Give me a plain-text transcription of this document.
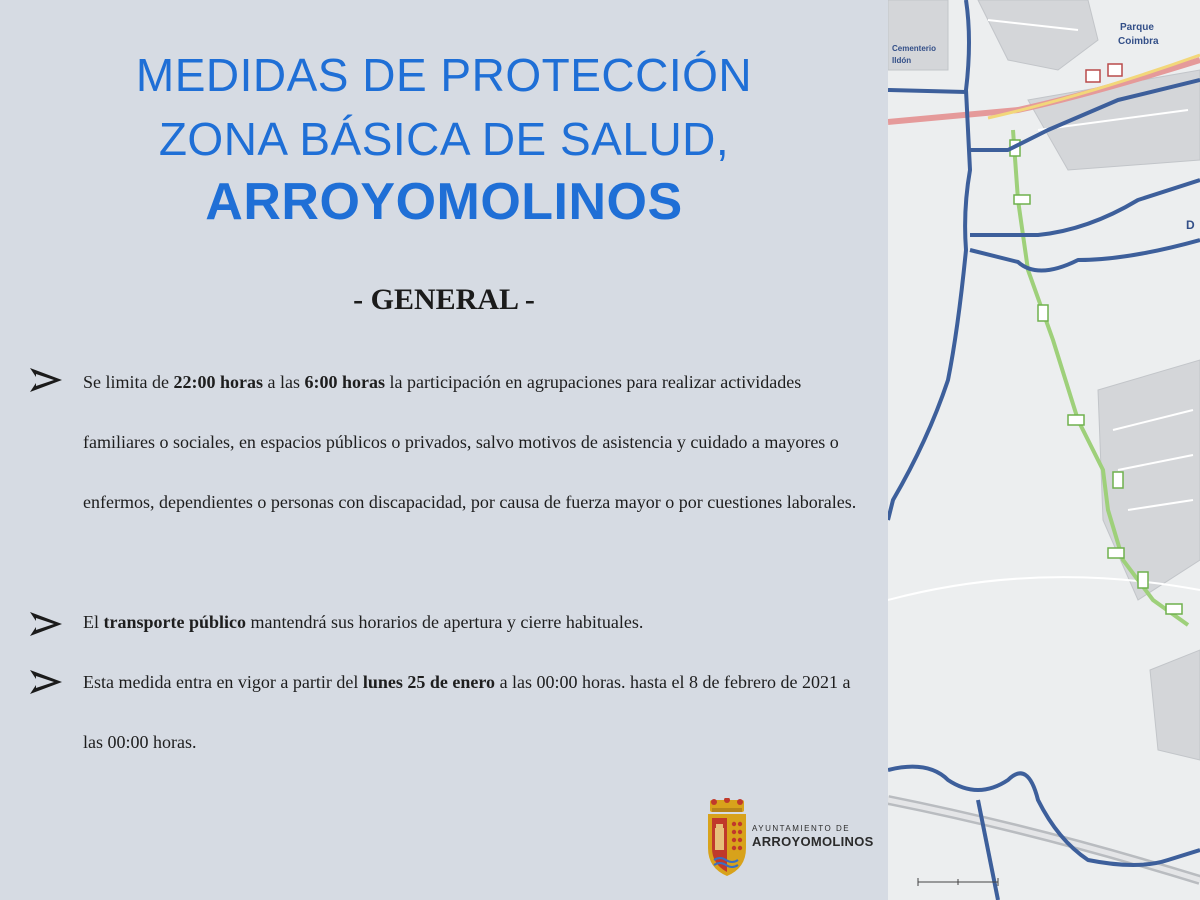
MEDIDAS DE PROTECCIÓN
ZONA BÁSICA DE SALUD,
ARROYOMOLINOS
- GENERAL -

Se limita de 22:00 horas a las 6:00 horas la participación en agrupaciones para realizar actividades familiares o sociales, en espacios públicos o privados, salvo motivos de asistencia y cuidado a mayores o enfermos, dependientes o personas con discapacidad, por causa de fuerza mayor o por cuestiones laborales.

El transporte público mantendrá sus horarios de apertura y cierre habituales.

Esta medida entra en vigor a partir del lunes 25 de enero a las 00:00 horas. hasta el 8 de febrero de 2021 a las 00:00 horas.

AYUNTAMIENTO DE
ARROYOMOLINOS
Parque
Coimbra
Cementerio
Ildón
D
